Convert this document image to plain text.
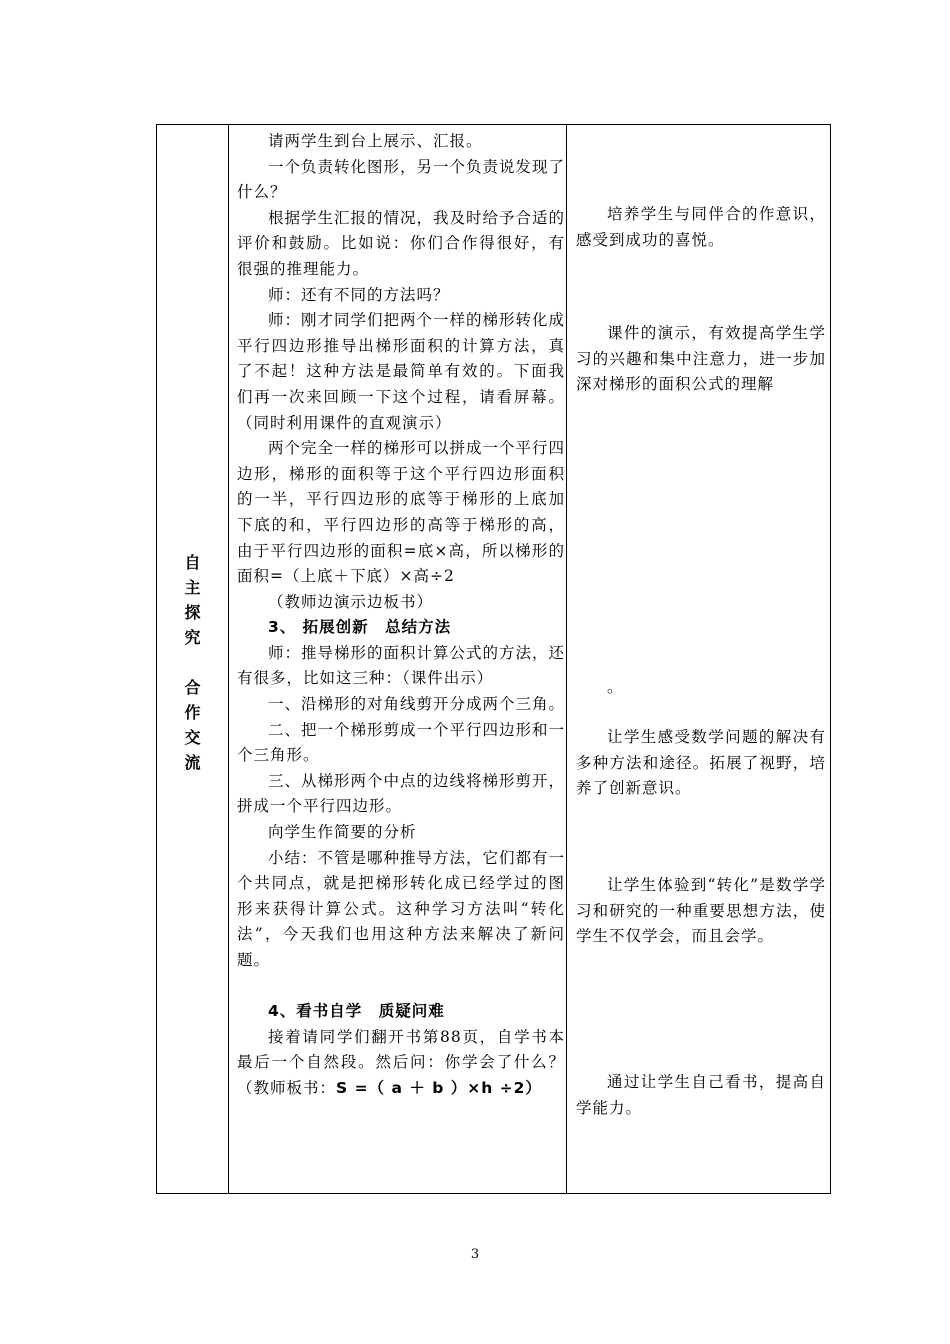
自
主
探
究
合
作
交
流

请两学生到台上展示、汇报。

一个负责转化图形，另一个负责说发现了什么？

根据学生汇报的情况，我及时给予合适的评价和鼓励。比如说：你们合作得很好，有很强的推理能力。

师：还有不同的方法吗？

师：刚才同学们把两个一样的梯形转化成平行四边形推导出梯形面积的计算方法，真了不起！这种方法是最简单有效的。下面我们再一次来回顾一下这个过程，请看屏幕。（同时利用课件的直观演示）

两个完全一样的梯形可以拼成一个平行四边形，梯形的面积等于这个平行四边形面积的一半，平行四边形的底等于梯形的上底加下底的和，平行四边形的高等于梯形的高，由于平行四边形的面积=底×高，所以梯形的面积=（上底＋下底）×高÷2

（教师边演示边板书）

3、 拓展创新　总结方法

师：推导梯形的面积计算公式的方法，还有很多，比如这三种：（课件出示）

一、沿梯形的对角线剪开分成两个三角。

二、把一个梯形剪成一个平行四边形和一个三角形。

三、从梯形两个中点的边线将梯形剪开，拼成一个平行四边形。

向学生作简要的分析

小结：不管是哪种推导方法，它们都有一个共同点，就是把梯形转化成已经学过的图形来获得计算公式。这种学习方法叫“转化法”，今天我们也用这种方法来解决了新问题。

4、看书自学　质疑问难

接着请同学们翻开书第88页，自学书本最后一个自然段。然后问：你学会了什么？（教师板书：S =（ a ＋ b ）×h ÷2）

培养学生与同伴合的作意识，感受到成功的喜悦。

课件的演示，有效提高学生学习的兴趣和集中注意力，进一步加深对梯形的面积公式的理解

。

让学生感受数学问题的解决有多种方法和途径。拓展了视野，培养了创新意识。

让学生体验到“转化”是数学学习和研究的一种重要思想方法，使学生不仅学会，而且会学。

通过让学生自己看书，提高自学能力。

3
